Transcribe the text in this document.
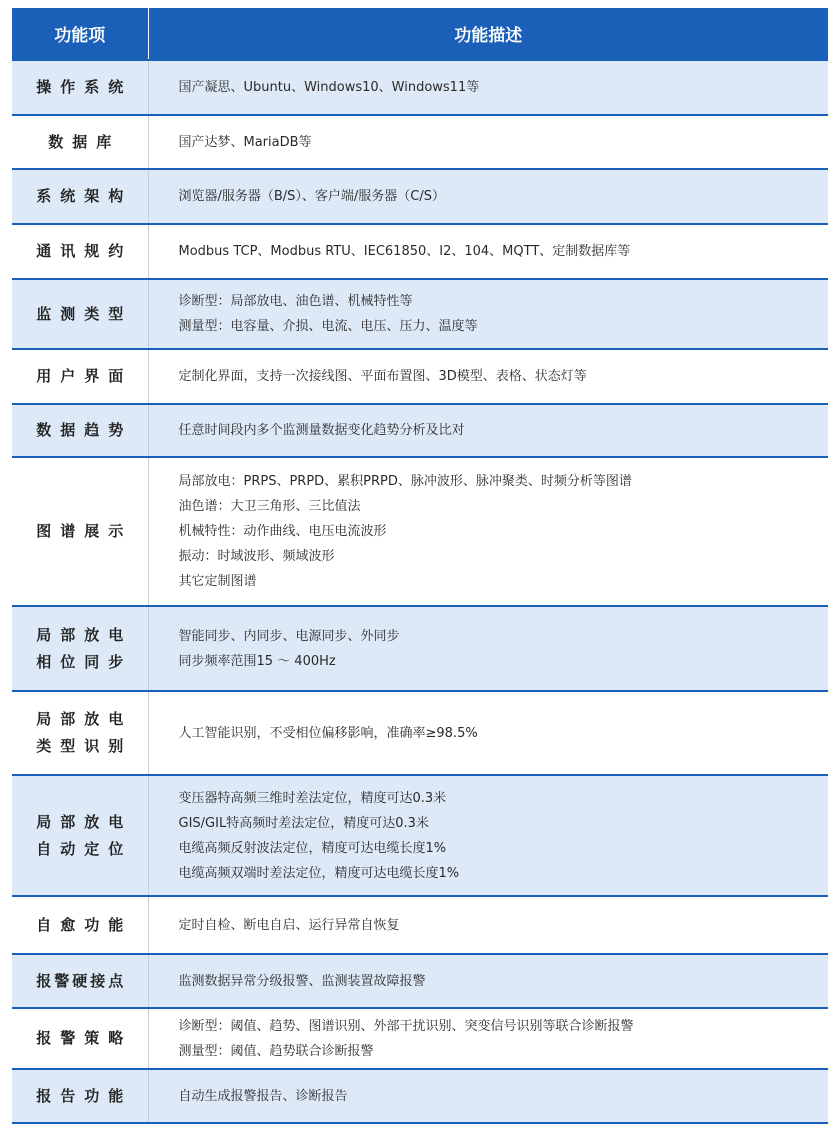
功能项	功能描述

操作系统	国产凝思、Ubuntu、Windows10、Windows11等

数据库	国产达梦、MariaDB等

系统架构	浏览器/服务器（B/S）、客户端/服务器（C/S）

通讯规约	Modbus TCP、Modbus RTU、IEC61850、I2、104、MQTT、定制数据库等

监测类型	诊断型：局部放电、油色谱、机械特性等
测量型：电容量、介损、电流、电压、压力、温度等

用户界面	定制化界面，支持一次接线图、平面布置图、3D模型、表格、状态灯等

数据趋势	任意时间段内多个监测量数据变化趋势分析及比对

图谱展示	局部放电：PRPS、PRPD、累积PRPD、脉冲波形、脉冲聚类、时频分析等图谱
油色谱：大卫三角形、三比值法
机械特性：动作曲线、电压电流波形
振动：时域波形、频域波形
其它定制图谱

局部放电
相位同步	智能同步、内同步、电源同步、外同步
同步频率范围15 ～ 400Hz

局部放电
类型识别	人工智能识别，不受相位偏移影响，准确率≥98.5%

局部放电
自动定位	变压器特高频三维时差法定位，精度可达0.3米
GIS/GIL特高频时差法定位，精度可达0.3米
电缆高频反射波法定位，精度可达电缆长度1%
电缆高频双端时差法定位，精度可达电缆长度1%

自愈功能	定时自检、断电自启、运行异常自恢复

报警硬接点	监测数据异常分级报警、监测装置故障报警

报警策略	诊断型：阈值、趋势、图谱识别、外部干扰识别、突变信号识别等联合诊断报警
测量型：阈值、趋势联合诊断报警

报告功能	自动生成报警报告、诊断报告
